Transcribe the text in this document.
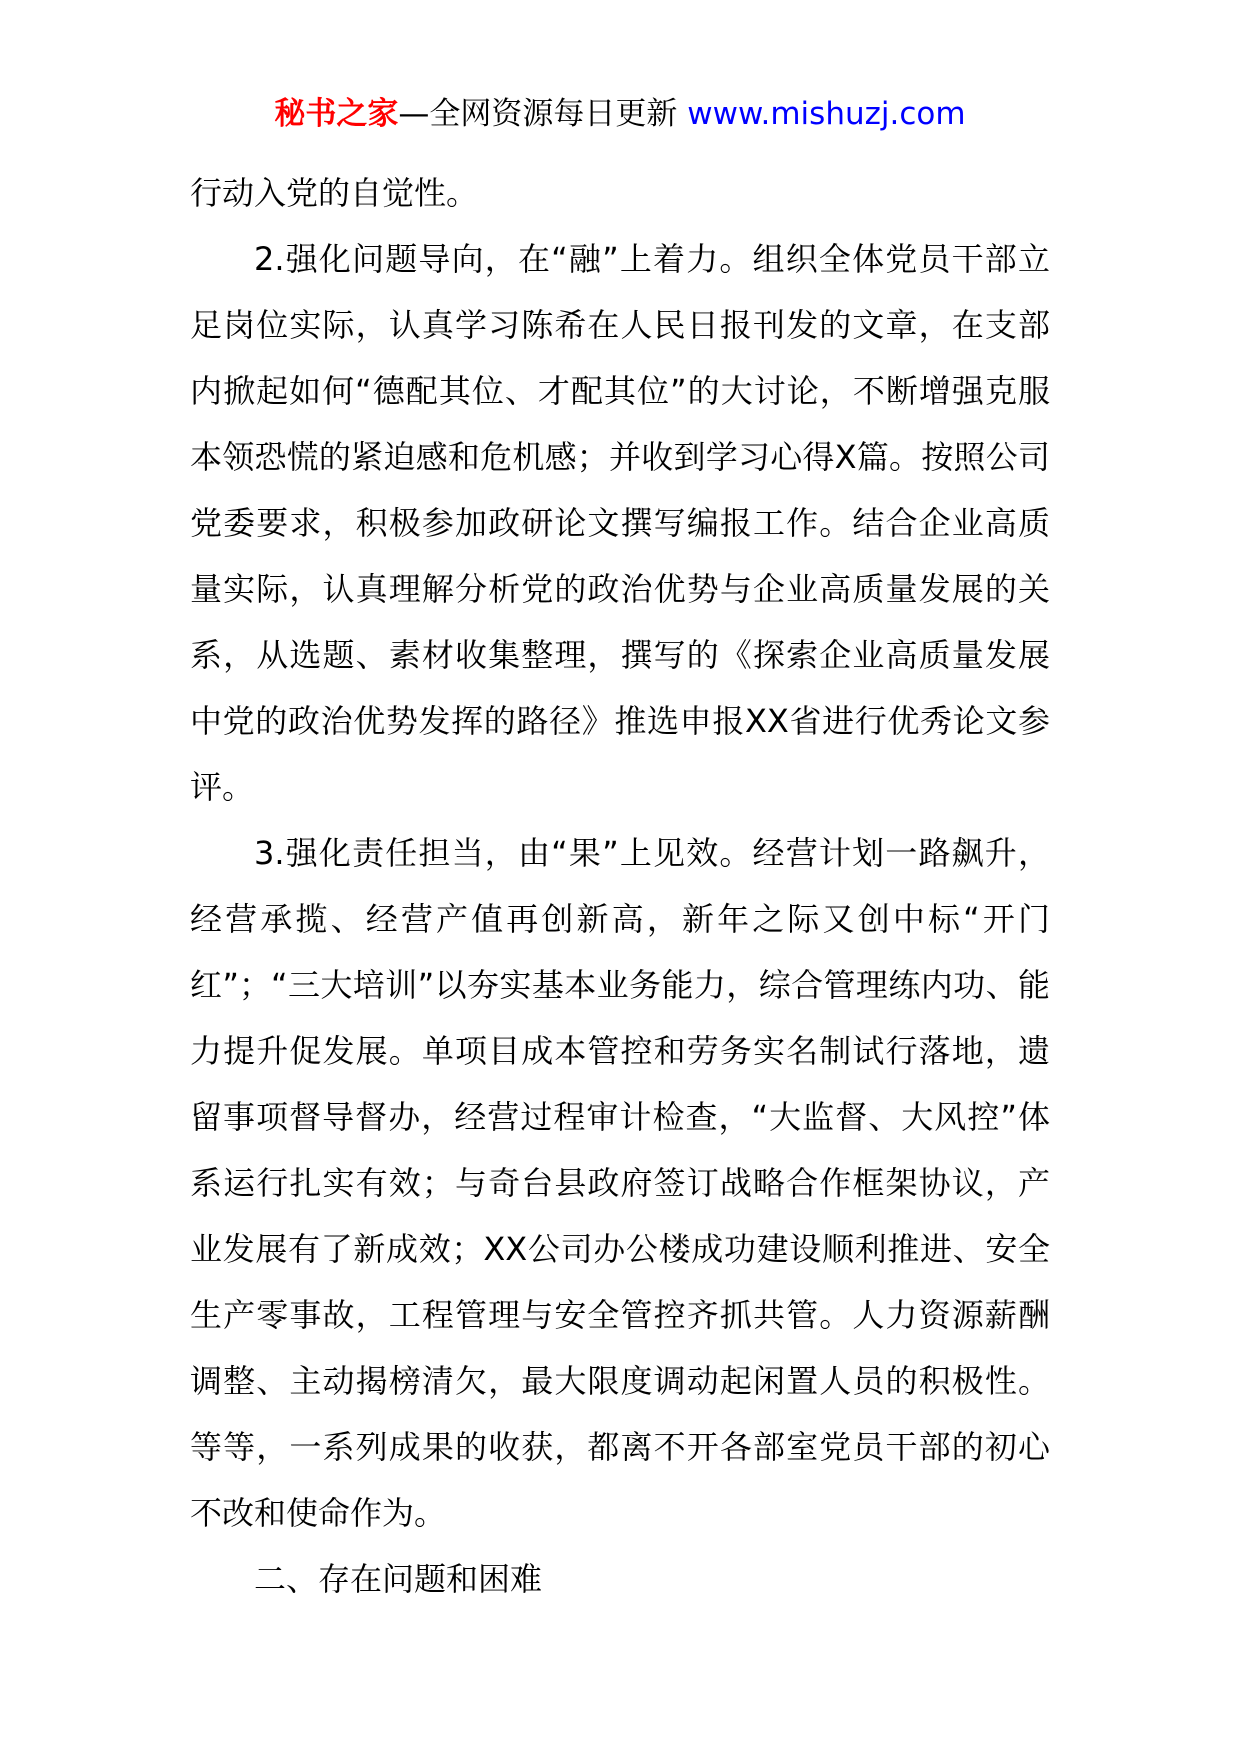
秘书之家—全网资源每日更新 www.mishuzj.com

行动入党的自觉性。

2.强化问题导向，在“融”上着力。组织全体党员干部立足岗位实际，认真学习陈希在人民日报刊发的文章，在支部内掀起如何“德配其位、才配其位”的大讨论，不断增强克服本领恐慌的紧迫感和危机感；并收到学习心得X篇。按照公司党委要求，积极参加政研论文撰写编报工作。结合企业高质量实际，认真理解分析党的政治优势与企业高质量发展的关系，从选题、素材收集整理，撰写的《探索企业高质量发展中党的政治优势发挥的路径》推选申报XX省进行优秀论文参评。

3.强化责任担当，由“果”上见效。经营计划一路飙升，经营承揽、经营产值再创新高，新年之际又创中标“开门红”；“三大培训”以夯实基本业务能力，综合管理练内功、能力提升促发展。单项目成本管控和劳务实名制试行落地，遗留事项督导督办，经营过程审计检查，“大监督、大风控”体系运行扎实有效；与奇台县政府签订战略合作框架协议，产业发展有了新成效；XX公司办公楼成功建设顺利推进、安全生产零事故，工程管理与安全管控齐抓共管。人力资源薪酬调整、主动揭榜清欠，最大限度调动起闲置人员的积极性。等等，一系列成果的收获，都离不开各部室党员干部的初心不改和使命作为。

二、存在问题和困难
